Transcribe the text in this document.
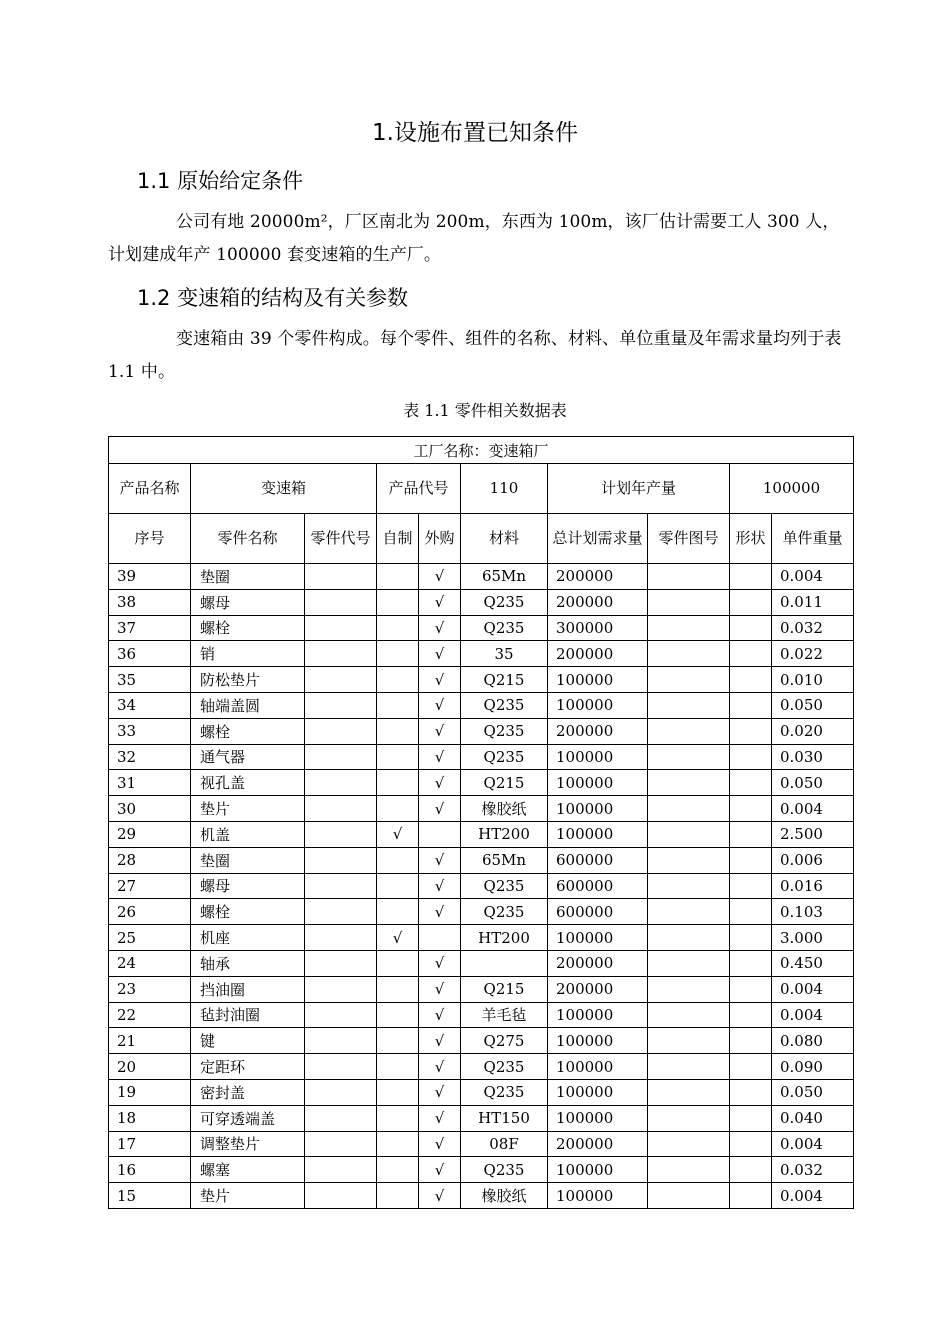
1.设施布置已知条件
1.1 原始给定条件
公司有地 20000m²，厂区南北为 200m，东西为 100m，该厂估计需要工人 300 人，计划建成年产 100000 套变速箱的生产厂。
1.2 变速箱的结构及有关参数
变速箱由 39 个零件构成。每个零件、组件的名称、材料、单位重量及年需求量均列于表 1.1 中。
表 1.1 零件相关数据表
工厂名称：变速箱厂									
产品名称	变速箱		产品代号		110	计划年产量		100000	
序号	零件名称	零件代号	自制	外购	材料	总计划需求量	零件图号	形状	单件重量
39	垫圈			√	65Mn	200000			0.004
38	螺母			√	Q235	200000			0.011
37	螺栓			√	Q235	300000			0.032
36	销			√	35	200000			0.022
35	防松垫片			√	Q215	100000			0.010
34	轴端盖圆			√	Q235	100000			0.050
33	螺栓			√	Q235	200000			0.020
32	通气器			√	Q235	100000			0.030
31	视孔盖			√	Q215	100000			0.050
30	垫片			√	橡胶纸	100000			0.004
29	机盖		√		HT200	100000			2.500
28	垫圈			√	65Mn	600000			0.006
27	螺母			√	Q235	600000			0.016
26	螺栓			√	Q235	600000			0.103
25	机座		√		HT200	100000			3.000
24	轴承			√		200000			0.450
23	挡油圈			√	Q215	200000			0.004
22	毡封油圈			√	羊毛毡	100000			0.004
21	键			√	Q275	100000			0.080
20	定距环			√	Q235	100000			0.090
19	密封盖			√	Q235	100000			0.050
18	可穿透端盖			√	HT150	100000			0.040
17	调整垫片			√	08F	200000			0.004
16	螺塞			√	Q235	100000			0.032
15	垫片			√	橡胶纸	100000			0.004
